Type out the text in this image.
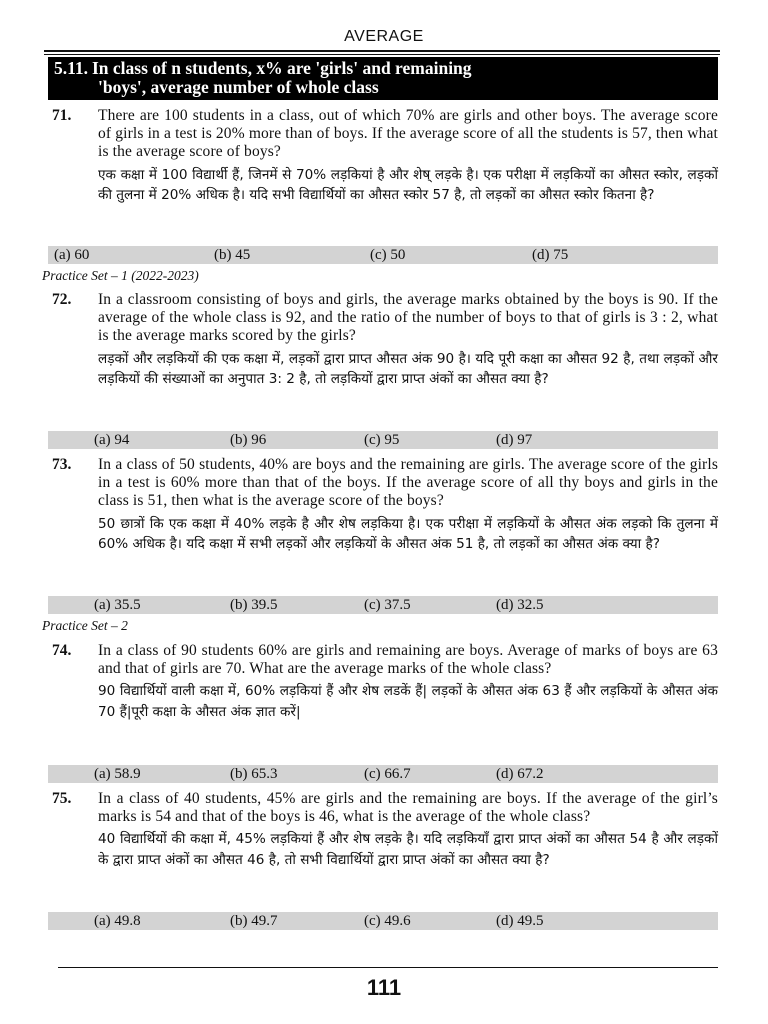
AVERAGE
5.11. In class of n students, x% are 'girls' and remaining
'boys', average number of whole class
71. There are 100 students in a class, out of which 70% are girls and other boys. The average score of girls in a test is 20% more than of boys. If the average score of all the students is 57, then what is the average score of boys?
एक कक्षा में 100 विद्यार्थी हैं, जिनमें से 70% लड़कियां है और शेष् लड़के है। एक परीक्षा में लड़कियों का औसत स्कोर, लड़कों की तुलना में 20% अधिक है। यदि सभी विद्यार्थियों का औसत स्कोर 57 है, तो लड़कों का औसत स्कोर कितना है?
(a) 60	(b) 45	(c) 50	(d) 75
Practice Set – 1 (2022-2023)
72. In a classroom consisting of boys and girls, the average marks obtained by the boys is 90. If the average of the whole class is 92, and the ratio of the number of boys to that of girls is 3 : 2, what is the average marks scored by the girls?
लड़कों और लड़कियों की एक कक्षा में, लड़कों द्वारा प्राप्त औसत अंक 90 है। यदि पूरी कक्षा का औसत 92 है, तथा लड़कों और लड़कियों की संख्याओं का अनुपात 3: 2 है, तो लड़कियों द्वारा प्राप्त अंकों का औसत क्या है?
(a) 94	(b) 96	(c) 95	(d) 97
73. In a class of 50 students, 40% are boys and the remaining are girls. The average score of the girls in a test is 60% more than that of the boys. If the average score of all thy boys and girls in the class is 51, then what is the average score of the boys?
50 छात्रों कि एक कक्षा में 40% लड़के है और शेष लड़किया है। एक परीक्षा में लड़कियों के औसत अंक लड़को कि तुलना में 60% अधिक है। यदि कक्षा में सभी लड़कों और लड़कियों के औसत अंक 51 है, तो लड़कों का औसत अंक क्या है?
(a) 35.5	(b) 39.5	(c) 37.5	(d) 32.5
Practice Set – 2
74. In a class of 90 students 60% are girls and remaining are boys. Average of marks of boys are 63 and that of girls are 70. What are the average marks of the whole class?
90 विद्यार्थियों वाली कक्षा में, 60% लड़कियां हैं और शेष लडकें हैं| लड़कों के औसत अंक 63 हैं और लड़कियों के औसत अंक 70 हैं|पूरी कक्षा के औसत अंक ज्ञात करें|
(a) 58.9	(b) 65.3	(c) 66.7	(d) 67.2
75. In a class of 40 students, 45% are girls and the remaining are boys. If the average of the girl’s marks is 54 and that of the boys is 46, what is the average of the whole class?
40 विद्यार्थियों की कक्षा में, 45% लड़कियां हैं और शेष लड़के है। यदि लड़कियाँ द्वारा प्राप्त अंकों का औसत 54 है और लड़कों के द्वारा प्राप्त अंकों का औसत 46 है, तो सभी विद्यार्थियों द्वारा प्राप्त अंकों का औसत क्या है?
(a) 49.8	(b) 49.7	(c) 49.6	(d) 49.5
111
